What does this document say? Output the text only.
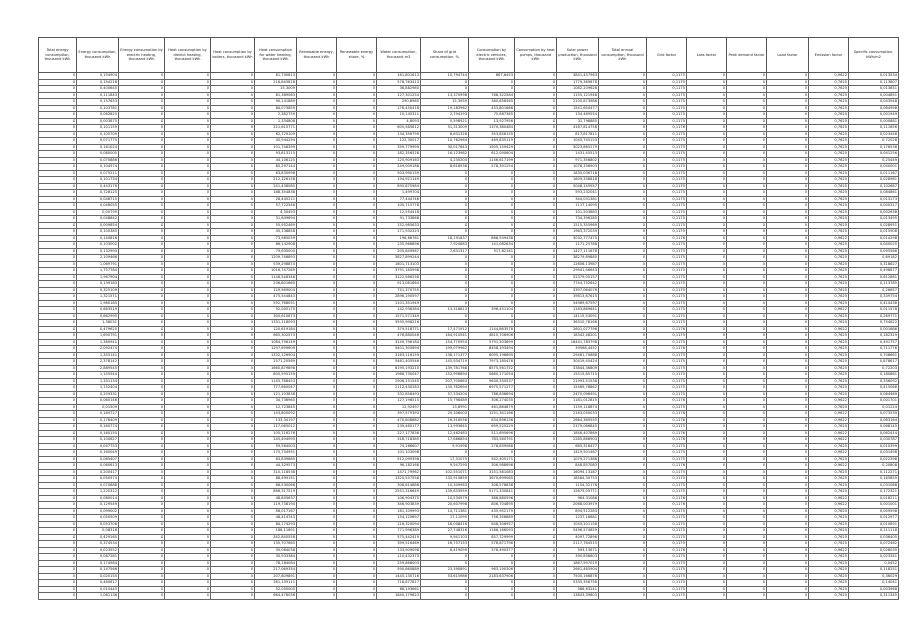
Total energy consumption, thousand kWh	Energy consumption, thousand kWh	Energy consumption by electric heating, thousand kWh	Heat consumption by district heating, thousand kWh	Heat consumption by boilers, thousand kWh	Heat consumption for water heating, thousand kWh	Renewable energy, thousand kWh	Renewable energy share, %	Water consumption, thousand m3	Share of grid consumption, %	Consumption by electric vehicles, thousand kWh	Consumption by heat pumps, thousand kWh	Solar power production, thousand kWh	Total annual consumption, thousand kWh	Grid factor	Loss factor	Peak demand factor	Load factor	Emission factor	Specific consumption, kWh/m2
0	0,154904	0	0	0	81,790813	0	0	161,801613	10,794744	867,6453	0	3841,457963	0	0,1175	0	0	0	0,9622	0,013534
0	0,154218	0	0	0	216,845818	0	0	578,763413	0	0	0	1779,369878	0	0,1175	0	0	0	0,7625	0,113807
0	0,400645	0	0	0	15,3009	0	0	36,882985	0	0	0	1082,209628	0	0,1175	0	0	0	0,7625	0,013851
0	0,111843	0	0	0	81,389063	0	0	127,301254	13,370998	768,322584	0	1155,121948	0	0,1175	0	0	0	0,7625	0,004851
0	0,157653	0	0	0	90,141889	0	0	290,8985	15,3959	380,656565	0	2105,873986	0	0,1175	0	0	0	0,7625	0,043948
0	0,103781	0	0	0	84,073859	0	0	178,450418	19,183962	453,801666	0	1541,650477	0	0,1175	0	0	0	0,7625	0,064998
0	0,062825	0	0	0	2,382759	0	0	10,145311	2,794193	75,687365	0	134,489554	0	0,1175	0	0	0	0,7625	0,001949
0	0,003875	0	0	0	1,334808	0	0	4,8093	0,598921	13,927956	0	31,798885	0	0,1175	0	0	0	0,7625	0,000881
0	0,101159	0	0	0	221,615771	0	0	605,585612	51,313009	1370,380484	0	4167,814758	0	0,1176	0	0	0	0,7625	0,111656
0	0,105709	0	0	0	62,729109	0	0	134,356799	8,631328	353,856155	0	817,817811	0	0,1175	0	0	0	0,7625	0,023446
0	0,071775	0	0	0	45,944294	0	0	122,35017	10,762964	469,835119	0	1045,745153	0	0,1175	0	0	0	0,7625	0,72028
0	0,161024	0	0	0	101,748399	0	0	359,779999	30,017643	1505,159429	0	3023,865279	0	0,1175	0	0	0	0,7625	0,176538
0	0,080005	0	0	0	93,813115	0	0	182,356528	16,123982	612,090604	0	1431,45513	0	0,1175	0	0	0	0,7625	0,041256
0	0,070886	0	0	0	44,106125	0	0	125,909163	4,230204	1146,617199	0	971,356802	0	0,1175	0	0	0	0,7625	0,25449
0	0,104574	0	0	0	85,297144	0	0	249,009188	8,618938	578,391254	0	1078,336903	0	0,1175	0	0	0	0,7625	0,040001
0	0,075211	0	0	0	63,835998	0	0	503,990159	0	0	0	1835,036718	0	0,1175	0	0	0	0,7625	0,011167
0	0,101734	0	0	0	212,126158	0	0	194,921149	0	0	0	1609,336818	0	0,1175	0	0	0	0,7625	0,028981
0	0,443176	0	0	0	241,438085	0	0	895,875984	0	0	0	5048,145957	0	0,1175	0	0	0	0,7625	0,102687
0	0,728125	0	0	0	188,354838	0	0	1,499704	0	0	0	593,232041	0	0,1175	0	0	0	0,7625	0,084861
0	0,048715	0	0	0	28,445211	0	0	77,444746	0	0	0	344,031381	0	0,1175	0	0	0	0,7625	0,013173
0	0,046055	0	0	0	57,722548	0	0	105,715778	0	0	0	1117,14095	0	0,1175	0	0	0	0,7625	0,000317
0	0,00799	0	0	0	4,30493	0	0	12,554418	0	0	0	101,503683	0	0,1175	0	0	0	0,7625	0,002638
0	0,048842	0	0	0	31,649694	0	0	91,733868	0	0	0	734,396285	0	0,1175	0	0	0	0,7625	0,013495
0	0,009854	0	0	0	55,952469	0	0	152,985633	0	0	0	1515,355969	0	0,1175	0	0	0	0,7625	0,028951
0	0,100385	0	0	0	45,138858	0	0	171,932223	0	0	0	1963,372039	0	0,1175	0	0	0	0,7625	0,015908
0	0,140816	0	0	0	73,985039	0	0	196,66761	18,191837	866,939438	0	3032,777475	0	0,1176	0	0	0	0,9622	0,014298
0	0,103002	0	0	0	86,142908	0	0	235,966896	7,920883	141,082634	0	1171,25788	0	0,1175	0	0	0	0,7625	0,040025
0	0,132993	0	0	0	79,635005	0	0	205,849967	7,631317	517,82141	0	1427,111678	0	0,1175	0	0	0	0,7625	0,095566
0	2,109466	0	0	0	1209,746893	0	0	3827,899244	0	0	0	38279,89885	0	0,1175	0	0	0	0,7625	0,69182
0	1,069791	0	0	0	539,298874	0	0	1601,713103	0	0	0	12606,13987	0	0,1175	0	0	0	0,7625	0,318627
0	1,757784	0	0	0	1016,747269	0	0	3791,185998	0	0	0	29941,46643	0	0,1175	0	0	0	0,7625	0,498877
0	1,967904	0	0	0	1148,548346	0	0	3122,586258	0	0	0	52379,05157	0	0,1175	0	0	0	0,7625	0,612861
0	0,139183	0	0	0	236,801665	0	0	913,081664	0	0	0	7744,752642	0	0,1175	0	0	0	0,7625	0,113785
0	0,325109	0	0	0	129,569004	0	0	751,370755	0	0	0	3397,064076	0	0,1175	0	0	0	0,7625	0,26657
0	1,321571	0	0	0	475,544843	0	0	2896,190597	0	0	0	39813,67615	0	0,1175	0	0	0	0,7625	0,339754
0	1,960185	0	0	0	592,768051	0	0	1101,351949	0	0	0	54989,67597	0	0,1175	0	0	0	0,7625	0,414438
0	0,663519	0	0	0	92,005175	0	0	142,938384	13,318813	396,451104	0	1163,869641	0	0,1175	0	0	0	0,9622	0,011578
0	0,662995	0	0	0	300,610873	0	0	1571,571349	0	0	0	14115,53091	0	0,1175	0	0	0	0,7625	0,269771
0	1,38031	0	0	0	1331,118093	0	0	3595,998216	0	0	0	36310,78168	0	0,1175	0	0	0	0,7625	0,754822
0	0,479625	0	0	0	120,619184	0	0	379,518771	17,471912	1144,863578	0	2601,077796	0	0,1176	0	0	0	0,9622	0,001686
0	1,690791	0	0	0	665,302573	0	0	476,880046	164,910541	4810,706906	0	18342,48201	0	0,1175	0	0	0	0,7625	0,182319
0	1,380941	0	0	0	1084,796149	0	0	3149,796184	154,770954	5791,503699	0	18441,783798	0	0,1175	0	0	0	0,7625	0,491757
0	2,092474	0	0	0	1297,699609	0	0	5401,305694	199,079962	8458,193494	0	39568,4452	0	0,1176	0	0	0	0,7625	0,711776
0	1,355141	0	0	0	1332,126904	0	0	3163,116159	138,171377	6095,196895	0	29461,70888	0	0,1175	0	0	0	0,7625	0,708661
0	2,378142	0	0	0	1571,20569	0	0	5461,405546	145,934719	7973,185476	0	30419,45424	0	0,1175	0	0	0	0,7625	0,878617
0	2,889545	0	0	0	1660,879898	0	0	6195,193215	139,781768	8575,561752	0	33844,36809	0	0,1175	0	0	0	0,7625	0,72203
0	1,155544	0	0	0	805,595159	0	0	1966,730047	152,996894	5660,171054	0	15515,85715	0	0,1175	0	0	0	0,7625	0,180861
0	1,331134	0	0	0	1145,788453	0	0	2906,151545	207,700663	9630,330537	0	21993,51938	0	0,1175	0	0	0	0,7625	0,336092
0	1,152404	0	0	0	777,660047	0	0	2112,430283	135,762694	6975,571277	0	15469,78862	0	0,1175	0	0	0	0,7625	0,415068
0	0,259331	0	0	0	121,103838	0	0	332,858493	57,334204	788,836694	0	2470,096491	0	0,1175	0	0	0	0,7625	0,084489
0	0,060146	0	0	0	34,736965	0	0	127,196515	15,798489	306,274035	0	1181,012815	0	0,1176	0	0	0	0,9622	0,001701
0	0,01509	0	0	0	12,723845	0	0	12,92497	13,8991	461,864879	0	1159,118874	0	0,1175	0	0	0	0,7625	0,01224
0	0,169727	0	0	0	143,800092	0	0	397,579393	29,306003	1251,341166	0	2163,050033	0	0,1176	0	0	0	0,9622	0,073539
0	0,178409	0	0	0	133,34197	0	0	470,808882	16,316558	834,896136	0	2664,369555	0	0,1176	0	0	0	0,9622	0,063164
0	0,160774	0	0	0	117,065012	0	0	239,460177	13,993645	699,525229	0	2179,066845	0	0,1175	0	0	0	0,7625	0,068145
0	0,160155	0	0	0	105,116276	0	0	227,177836	12,462483	511,695696	0	1846,407869	0	0,1176	0	0	0	0,9622	0,062414
0	0,100627	0	0	0	145,494995	0	0	318,718385	17,686854	783,560791	0	2285,868903	0	0,1176	0	0	0	0,9622	0,030787
0	0,047753	0	0	0	59,564003	0	0	74,166607	9,91998	278,839088	0	665,316477	0	0,1175	0	0	0	0,7625	0,010399
0	0,160049	0	0	0	175,734951	0	0	101,103098	0	0	0	1419,501467	0	0,1175	0	0	0	0,9622	0,031498
0	0,085407	0	0	0	63,839865	0	0	512,099398	17,31075	942,405171	0	1079,271386	0	0,1175	0	0	0	0,7625	0,022398
0	0,060613	0	0	0	44,329573	0	0	96,182168	9,547295	306,988696	0	848,857083	0	0,1176	0	0	0	0,9622	0,20808
0	0,200417	0	0	0	310,118538	0	0	1471,79962	102,551071	3151,581083	0	16094,13187	0	0,1175	0	0	0	0,7625	0,112271
0	0,050574	0	0	0	88,499151	0	0	1320,557556	135,915859	3670,699065	0	18584,30753	0	0,1175	0	0	0	0,7625	0,165859
0	0,070888	0	0	0	66,530066	0	0	308,614886	10,309983	308,578838	0	1154,32176	0	0,1175	0	0	0	0,7625	0,031088
0	1,220312	0	0	0	866,317519	0	0	2551,316649	139,633959	5171,330841	0	15675,05771	0	0,1175	0	0	0	0,7625	0,172321
0	0,080014	0	0	0	48,805637	0	0	106,904375	10,534979	366,880596	0	964,31086	0	0,1176	0	0	0	0,9622	0,018211
0	0,129549	0	0	0	119,738194	0	0	346,903839	20,607996	806,704895	0	2068,003979	0	0,1176	0	0	0	0,9622	0,001001
0	0,099002	0	0	0	58,017167	0	0	161,109993	14,711381	435,952179	0	894,512283	0	0,1175	0	0	0	0,7625	0,009598
0	0,050509	0	0	0	48,414743	0	0	154,120697	17,11095	756,356889	0	1237,18681	0	0,1175	0	0	0	0,7625	0,012977
0	0,053708	0	0	0	84,174293	0	0	116,320094	18,008416	648,306957	0	1045,101158	0	0,1175	0	0	0	0,7625	0,010891
0	0,08318	0	0	0	188,11891	0	0	771,996389	27,748316	1166,166093	0	5496,574859	0	0,1175	0	0	0	0,7625	0,111118
0	0,429165	0	0	0	342,840558	0	0	575,442419	9,941103	857,729999	0	4097,72896	0	0,1175	0	0	0	0,7625	0,036405
0	0,374534	0	0	0	135,707665	0	0	399,516469	16,757153	578,871796	0	2117,764515	0	0,1175	0	0	0	0,7625	0,072462
0	0,023552	0	0	0	35,084038	0	0	133,909098	8,419099	378,490377	0	593,13671	0	0,1176	0	0	0	0,9622	0,028035
0	0,087281	0	0	0	30,933384	0	0	110,432373	0	0	0	390,836603	0	0,1175	0	0	0	0,7625	0,023341
0	0,174584	0	0	0	78,184084	0	0	259,868003	0	0	0	1867,597019	0	0,1175	0	0	0	0,7625	0,0452
0	0,147566	0	0	0	217,069354	0	0	590,860889	23,390891	963,190306	0	2661,465904	0	0,1175	0	0	0	0,7625	0,118251
0	0,020155	0	0	0	207,809891	0	0	1445,130716	53,615986	2183,637906	0	7500,166876	0	0,1175	0	0	0	0,7625	0,36029
0	0,460617	0	0	0	261,139111	0	0	718,877817	0	0	0	5335,356758	0	0,1175	0	0	0	0,7625	0,14041
0	0,010445	0	0	0	52,050005	0	0	68,193661	0	0	0	586,63241	0	0,1175	0	0	0	0,7625	0,003968
0	1,061136	0	0	0	664,476036	0	0	1840,179823	0	0	0	13843,39803	0	0,1175	0	0	0	0,7625	0,311345
